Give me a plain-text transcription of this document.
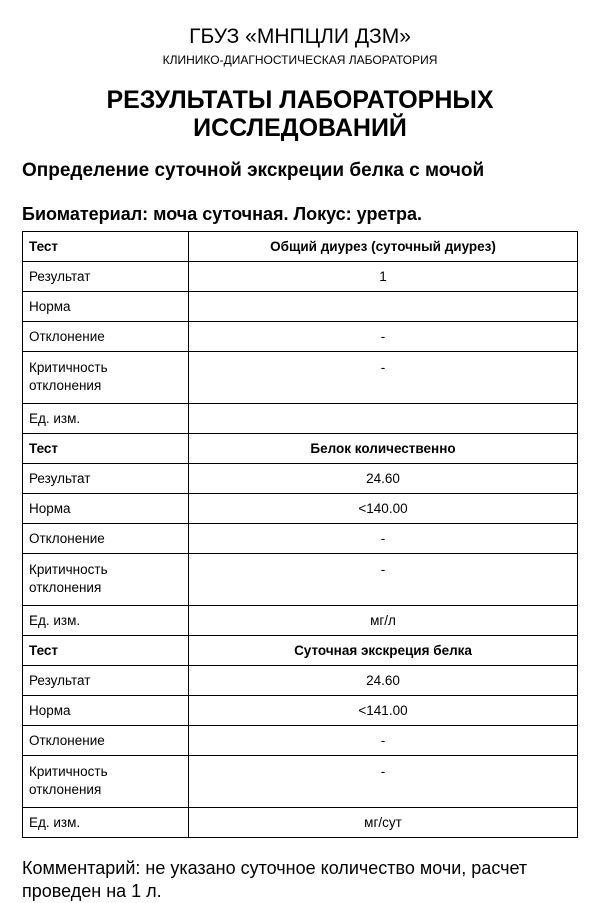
ГБУЗ «МНПЦЛИ ДЗМ»
КЛИНИКО-ДИАГНОСТИЧЕСКАЯ ЛАБОРАТОРИЯ
РЕЗУЛЬТАТЫ ЛАБОРАТОРНЫХ
ИССЛЕДОВАНИЙ
Определение суточной экскреции белка с мочой
Биоматериал: моча суточная. Локус: уретра.
Тест	Общий диурез (суточный диурез)
Результат	1
Норма	
Отклонение	-
Критичность отклонения	-
Ед. изм.	
Тест	Белок количественно
Результат	24.60
Норма	<140.00
Отклонение	-
Критичность отклонения	-
Ед. изм.	мг/л
Тест	Суточная экскреция белка
Результат	24.60
Норма	<141.00
Отклонение	-
Критичность отклонения	-
Ед. изм.	мг/сут
Комментарий: не указано суточное количество мочи, расчет проведен на 1 л.
